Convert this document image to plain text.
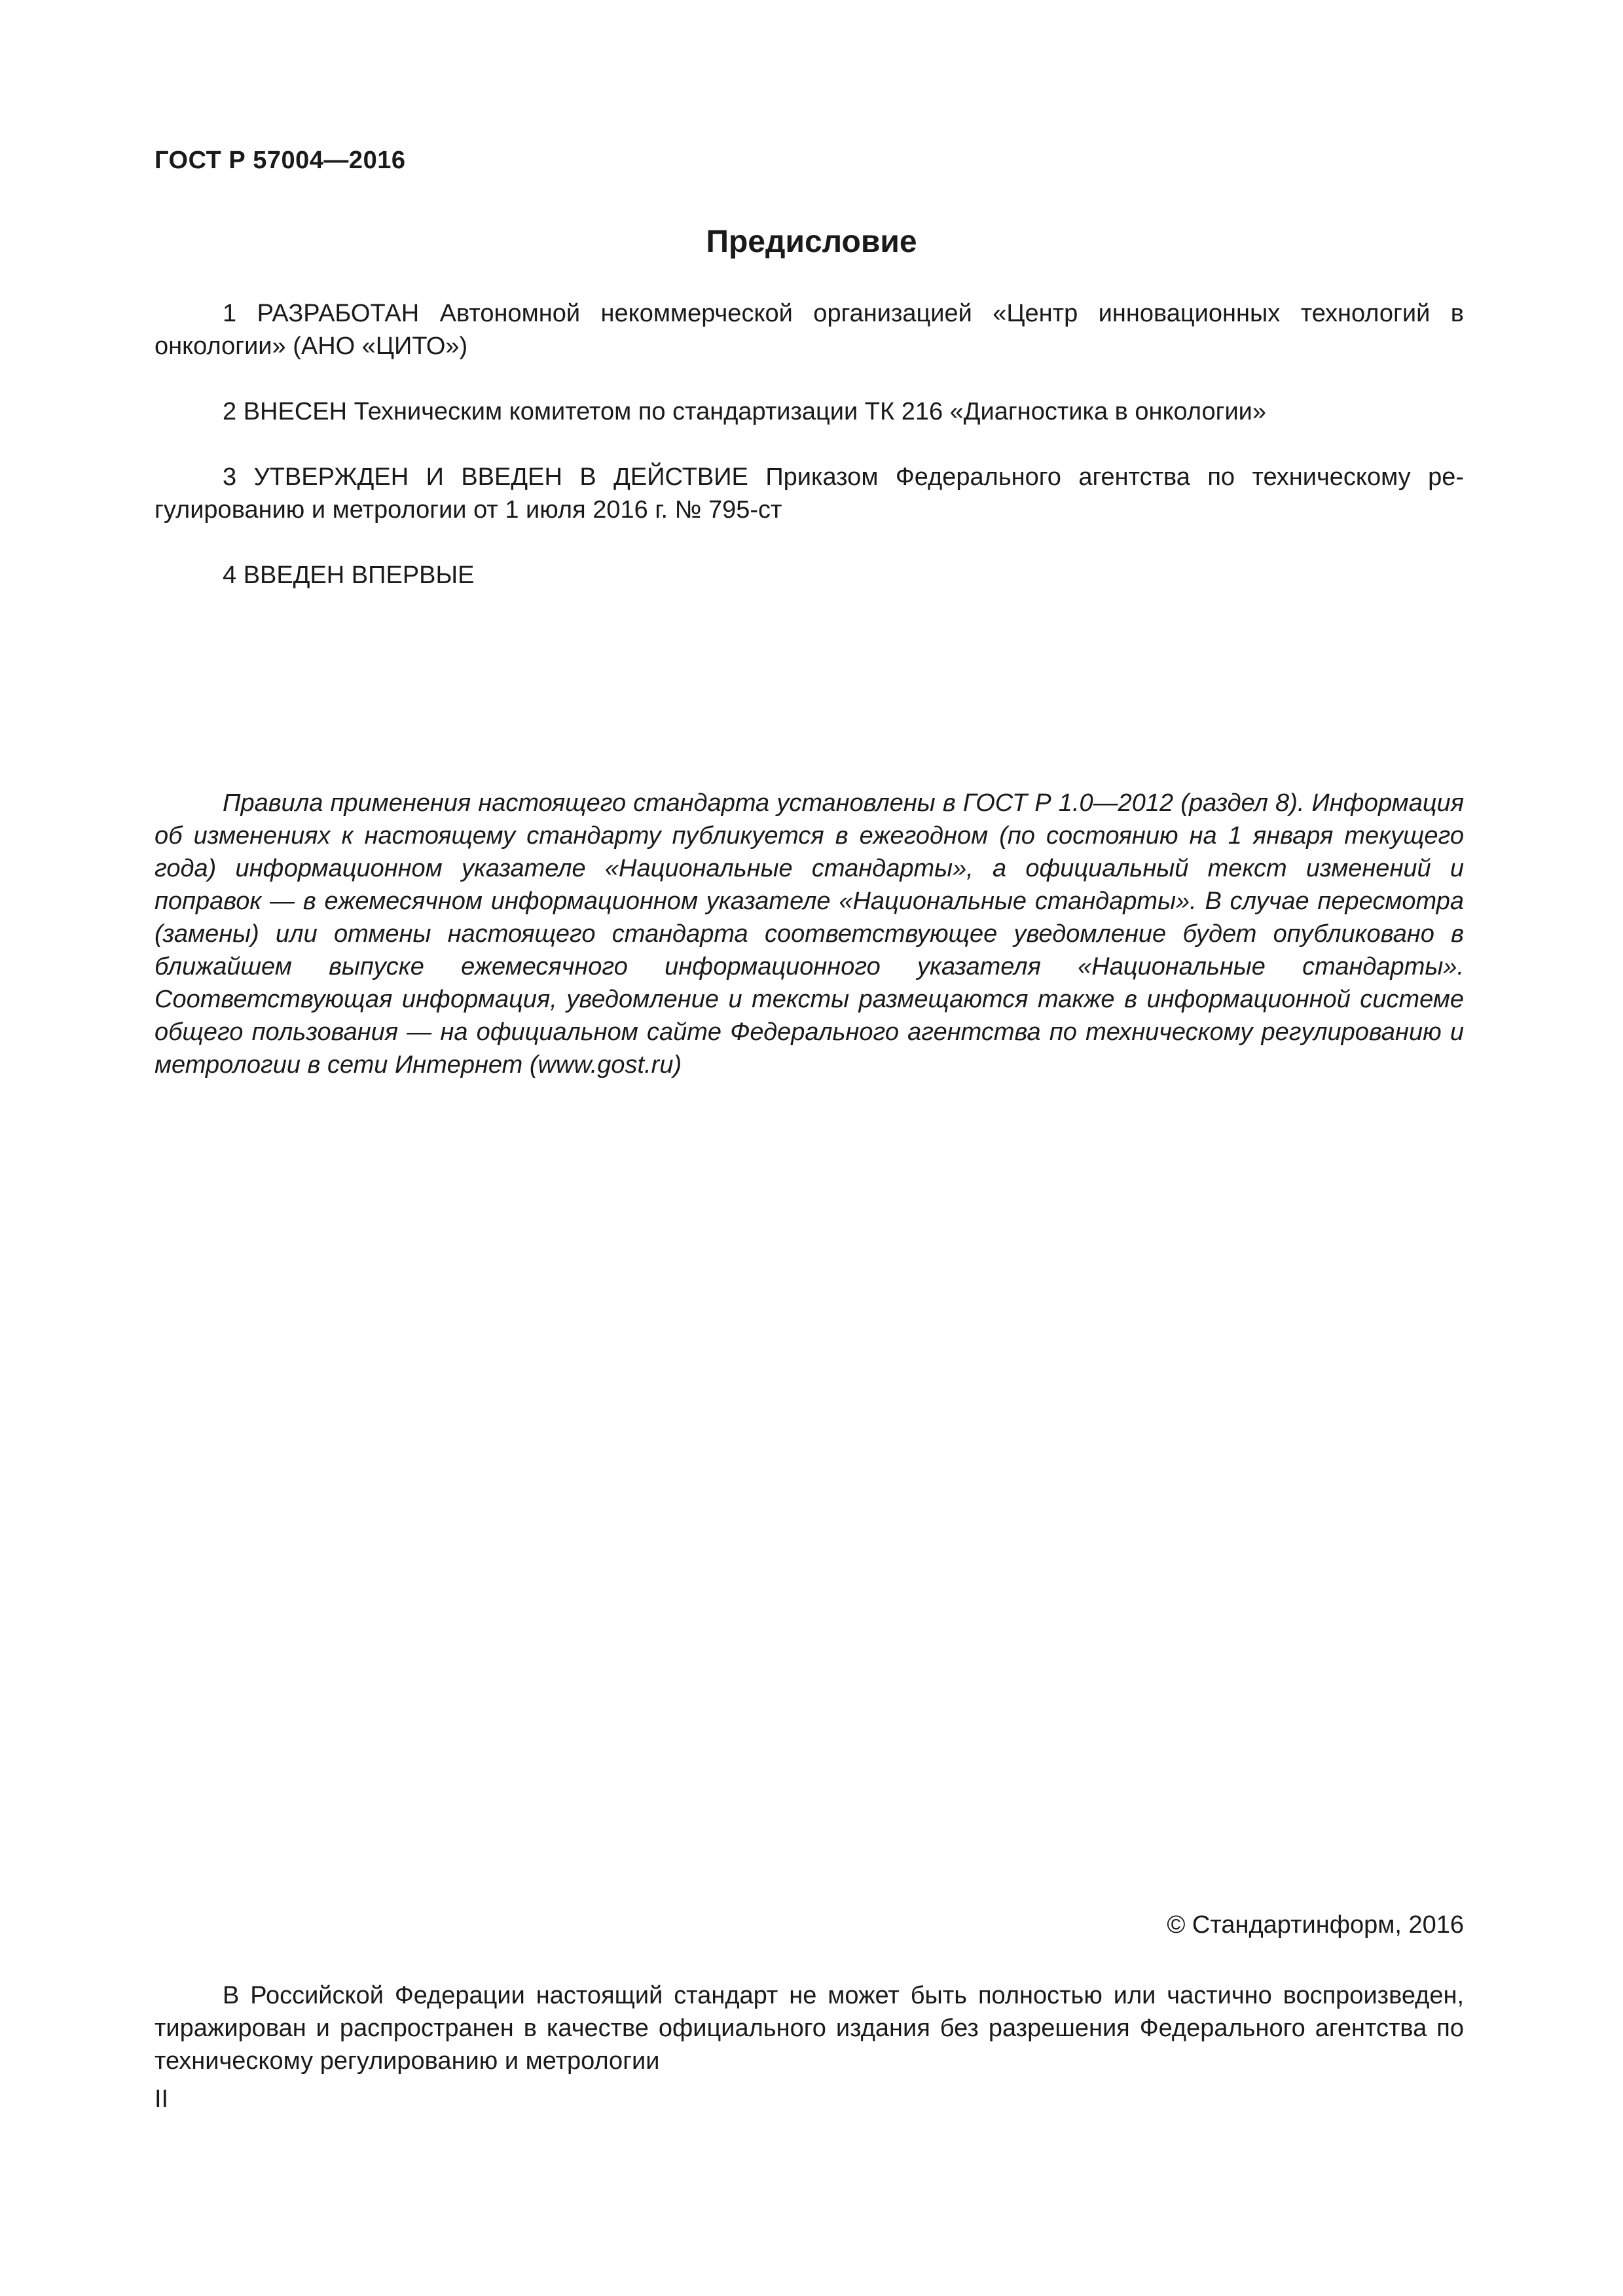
ГОСТ Р 57004—2016
Предисловие

1 РАЗРАБОТАН Автономной некоммерческой организацией «Центр инновационных технологий в онкологии» (АНО «ЦИТО»)

2 ВНЕСЕН Техническим комитетом по стандартизации ТК 216 «Диагностика в онкологии»

3 УТВЕРЖДЕН И ВВЕДЕН В ДЕЙСТВИЕ Приказом Федерального агентства по техническому регулированию и метрологии от 1 июля 2016 г. № 795-ст

4 ВВЕДЕН ВПЕРВЫЕ

Правила применения настоящего стандарта установлены в ГОСТ Р 1.0—2012 (раздел 8). Информация об изменениях к настоящему стандарту публикуется в ежегодном (по состоянию на 1 января текущего года) информационном указателе «Национальные стандарты», а официальный текст изменений и поправок — в ежемесячном информационном указателе «Национальные стандарты». В случае пересмотра (замены) или отмены настоящего стандарта соответствующее уведомление будет опубликовано в ближайшем выпуске ежемесячного информационного указателя «Национальные стандарты». Соответствующая информация, уведомление и тексты размещаются также в информационной системе общего пользования — на официальном сайте Федерального агентства по техническому регулированию и метрологии в сети Интернет (www.gost.ru)

© Стандартинформ, 2016

В Российской Федерации настоящий стандарт не может быть полностью или частично воспроизведен, тиражирован и распространен в качестве официального издания без разрешения Федерального агентства по техническому регулированию и метрологии

II
